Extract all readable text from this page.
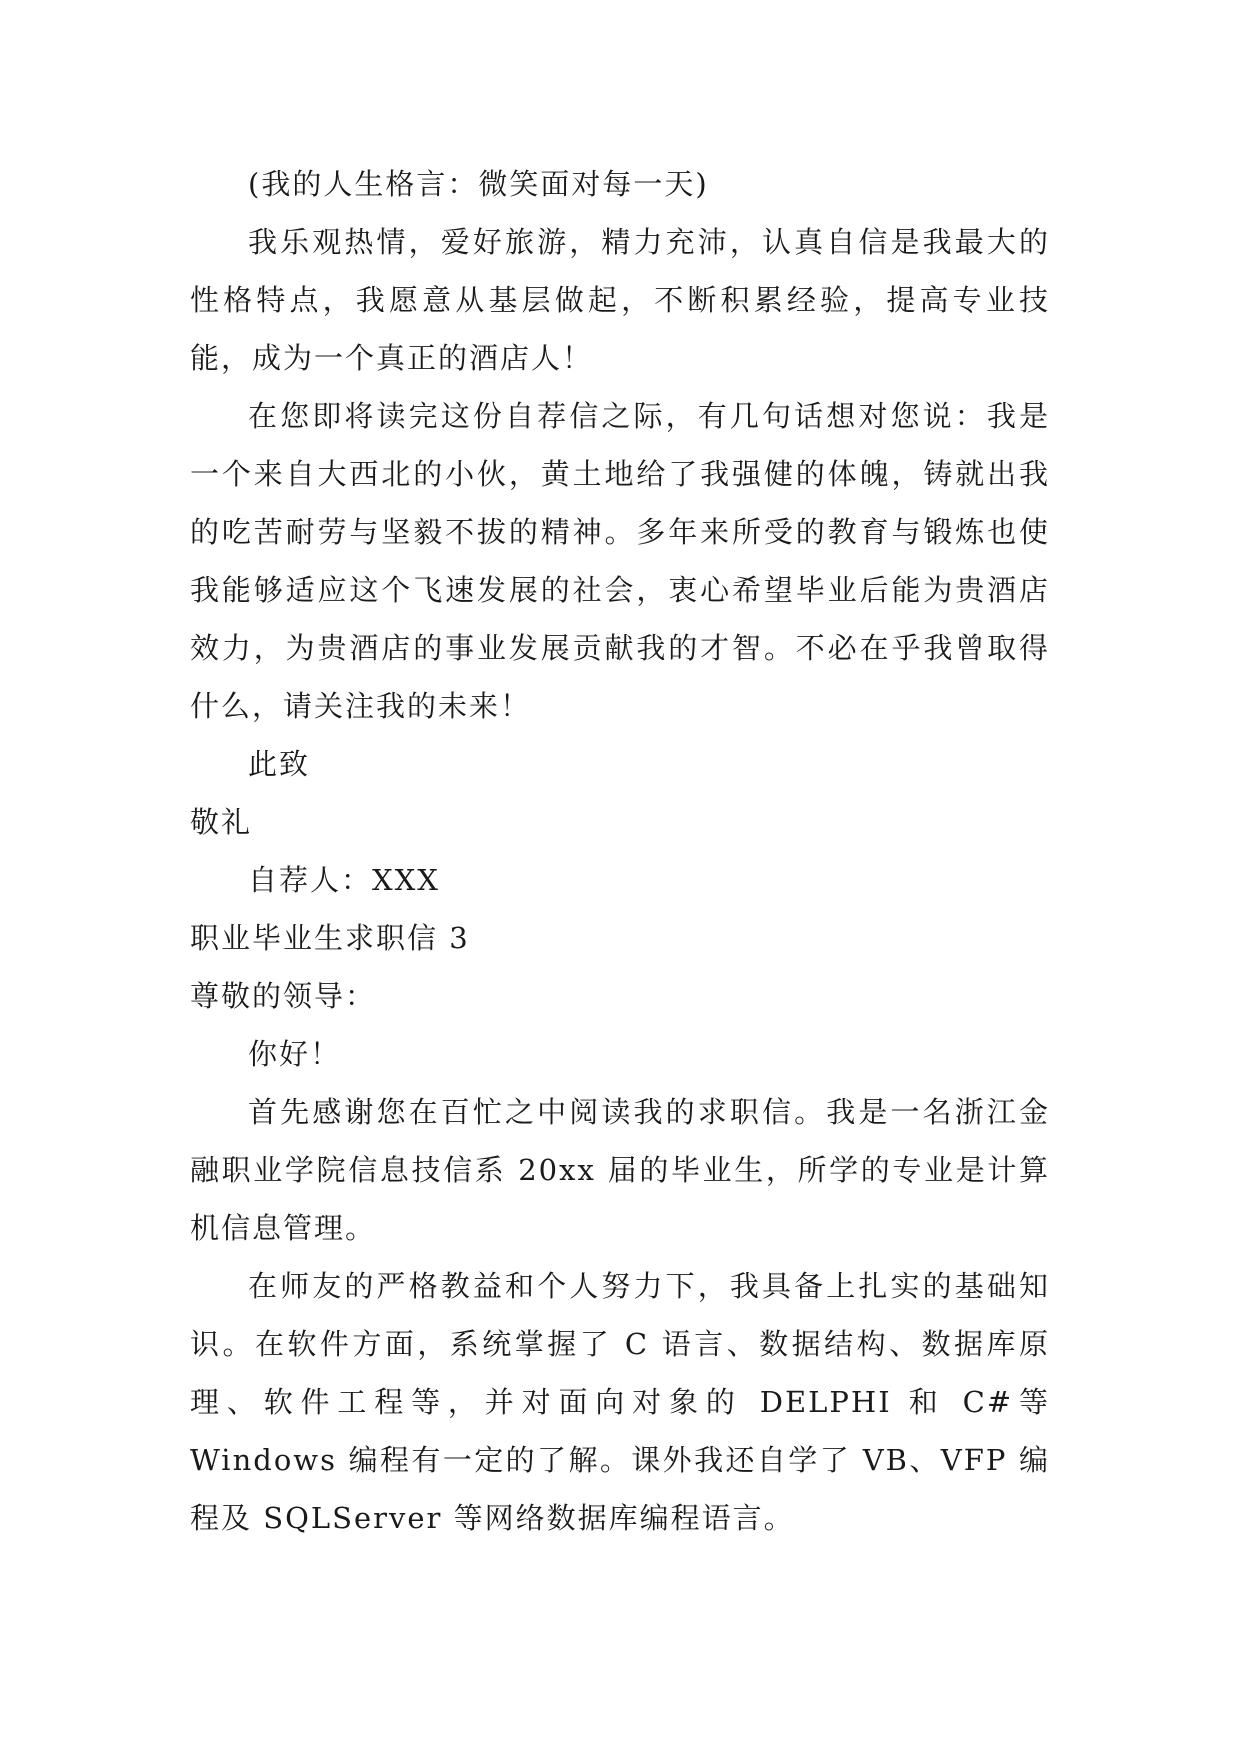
(我的人生格言：微笑面对每一天)

我乐观热情，爱好旅游，精力充沛，认真自信是我最大的性格特点，我愿意从基层做起，不断积累经验，提高专业技能，成为一个真正的酒店人！

在您即将读完这份自荐信之际，有几句话想对您说：我是一个来自大西北的小伙，黄土地给了我强健的体魄，铸就出我的吃苦耐劳与坚毅不拔的精神。多年来所受的教育与锻炼也使我能够适应这个飞速发展的社会，衷心希望毕业后能为贵酒店效力，为贵酒店的事业发展贡献我的才智。不必在乎我曾取得什么，请关注我的未来！

此致

敬礼

自荐人：XXX

职业毕业生求职信 3

尊敬的领导：

你好！

首先感谢您在百忙之中阅读我的求职信。我是一名浙江金融职业学院信息技信系 20xx 届的毕业生，所学的专业是计算机信息管理。

在师友的严格教益和个人努力下，我具备上扎实的基础知识。在软件方面，系统掌握了 C 语言、数据结构、数据库原理、软件工程等，并对面向对象的 DELPHI 和 C#等 Windows 编程有一定的了解。课外我还自学了 VB、VFP 编程及 SQLServer 等网络数据库编程语言。
